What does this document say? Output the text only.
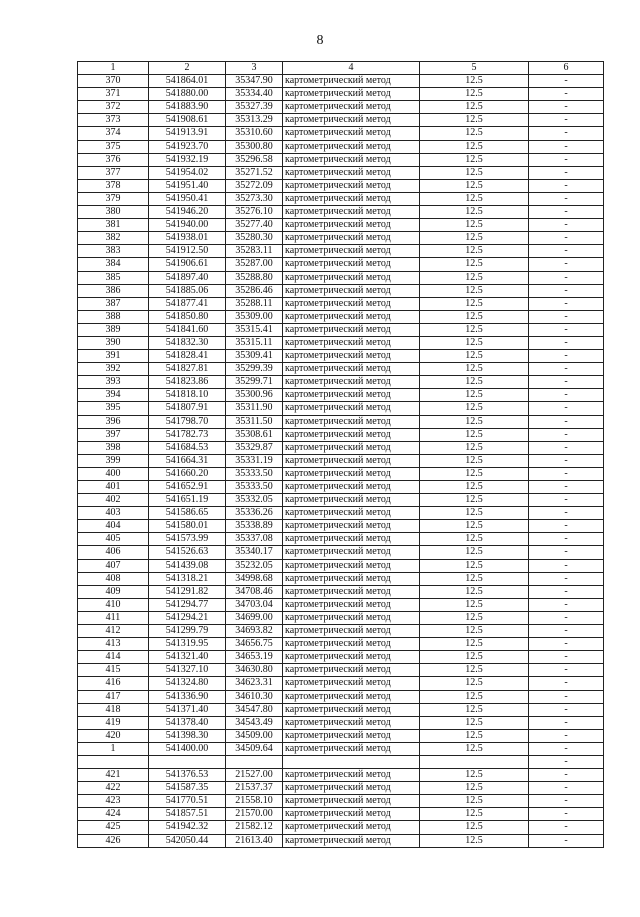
8
1	2	3	4	5	6
370	541864.01	35347.90	картометрический метод	12.5	-
371	541880.00	35334.40	картометрический метод	12.5	-
372	541883.90	35327.39	картометрический метод	12.5	-
373	541908.61	35313.29	картометрический метод	12.5	-
374	541913.91	35310.60	картометрический метод	12.5	-
375	541923.70	35300.80	картометрический метод	12.5	-
376	541932.19	35296.58	картометрический метод	12.5	-
377	541954.02	35271.52	картометрический метод	12.5	-
378	541951.40	35272.09	картометрический метод	12.5	-
379	541950.41	35273.30	картометрический метод	12.5	-
380	541946.20	35276.10	картометрический метод	12.5	-
381	541940.00	35277.40	картометрический метод	12.5	-
382	541938.01	35280.30	картометрический метод	12.5	-
383	541912.50	35283.11	картометрический метод	12.5	-
384	541906.61	35287.00	картометрический метод	12.5	-
385	541897.40	35288.80	картометрический метод	12.5	-
386	541885.06	35286.46	картометрический метод	12.5	-
387	541877.41	35288.11	картометрический метод	12.5	-
388	541850.80	35309.00	картометрический метод	12.5	-
389	541841.60	35315.41	картометрический метод	12.5	-
390	541832.30	35315.11	картометрический метод	12.5	-
391	541828.41	35309.41	картометрический метод	12.5	-
392	541827.81	35299.39	картометрический метод	12.5	-
393	541823.86	35299.71	картометрический метод	12.5	-
394	541818.10	35300.96	картометрический метод	12.5	-
395	541807.91	35311.90	картометрический метод	12.5	-
396	541798.70	35311.50	картометрический метод	12.5	-
397	541782.73	35308.61	картометрический метод	12.5	-
398	541684.53	35329.87	картометрический метод	12.5	-
399	541664.31	35331.19	картометрический метод	12.5	-
400	541660.20	35333.50	картометрический метод	12.5	-
401	541652.91	35333.50	картометрический метод	12.5	-
402	541651.19	35332.05	картометрический метод	12.5	-
403	541586.65	35336.26	картометрический метод	12.5	-
404	541580.01	35338.89	картометрический метод	12.5	-
405	541573.99	35337.08	картометрический метод	12.5	-
406	541526.63	35340.17	картометрический метод	12.5	-
407	541439.08	35232.05	картометрический метод	12.5	-
408	541318.21	34998.68	картометрический метод	12.5	-
409	541291.82	34708.46	картометрический метод	12.5	-
410	541294.77	34703.04	картометрический метод	12.5	-
411	541294.21	34699.00	картометрический метод	12.5	-
412	541299.79	34693.82	картометрический метод	12.5	-
413	541319.95	34656.75	картометрический метод	12.5	-
414	541321.40	34653.19	картометрический метод	12.5	-
415	541327.10	34630.80	картометрический метод	12.5	-
416	541324.80	34623.31	картометрический метод	12.5	-
417	541336.90	34610.30	картометрический метод	12.5	-
418	541371.40	34547.80	картометрический метод	12.5	-
419	541378.40	34543.49	картометрический метод	12.5	-
420	541398.30	34509.00	картометрический метод	12.5	-
1	541400.00	34509.64	картометрический метод	12.5	-
					-
421	541376.53	21527.00	картометрический метод	12.5	-
422	541587.35	21537.37	картометрический метод	12.5	-
423	541770.51	21558.10	картометрический метод	12.5	-
424	541857.51	21570.00	картометрический метод	12.5	-
425	541942.32	21582.12	картометрический метод	12.5	-
426	542050.44	21613.40	картометрический метод	12.5	-
